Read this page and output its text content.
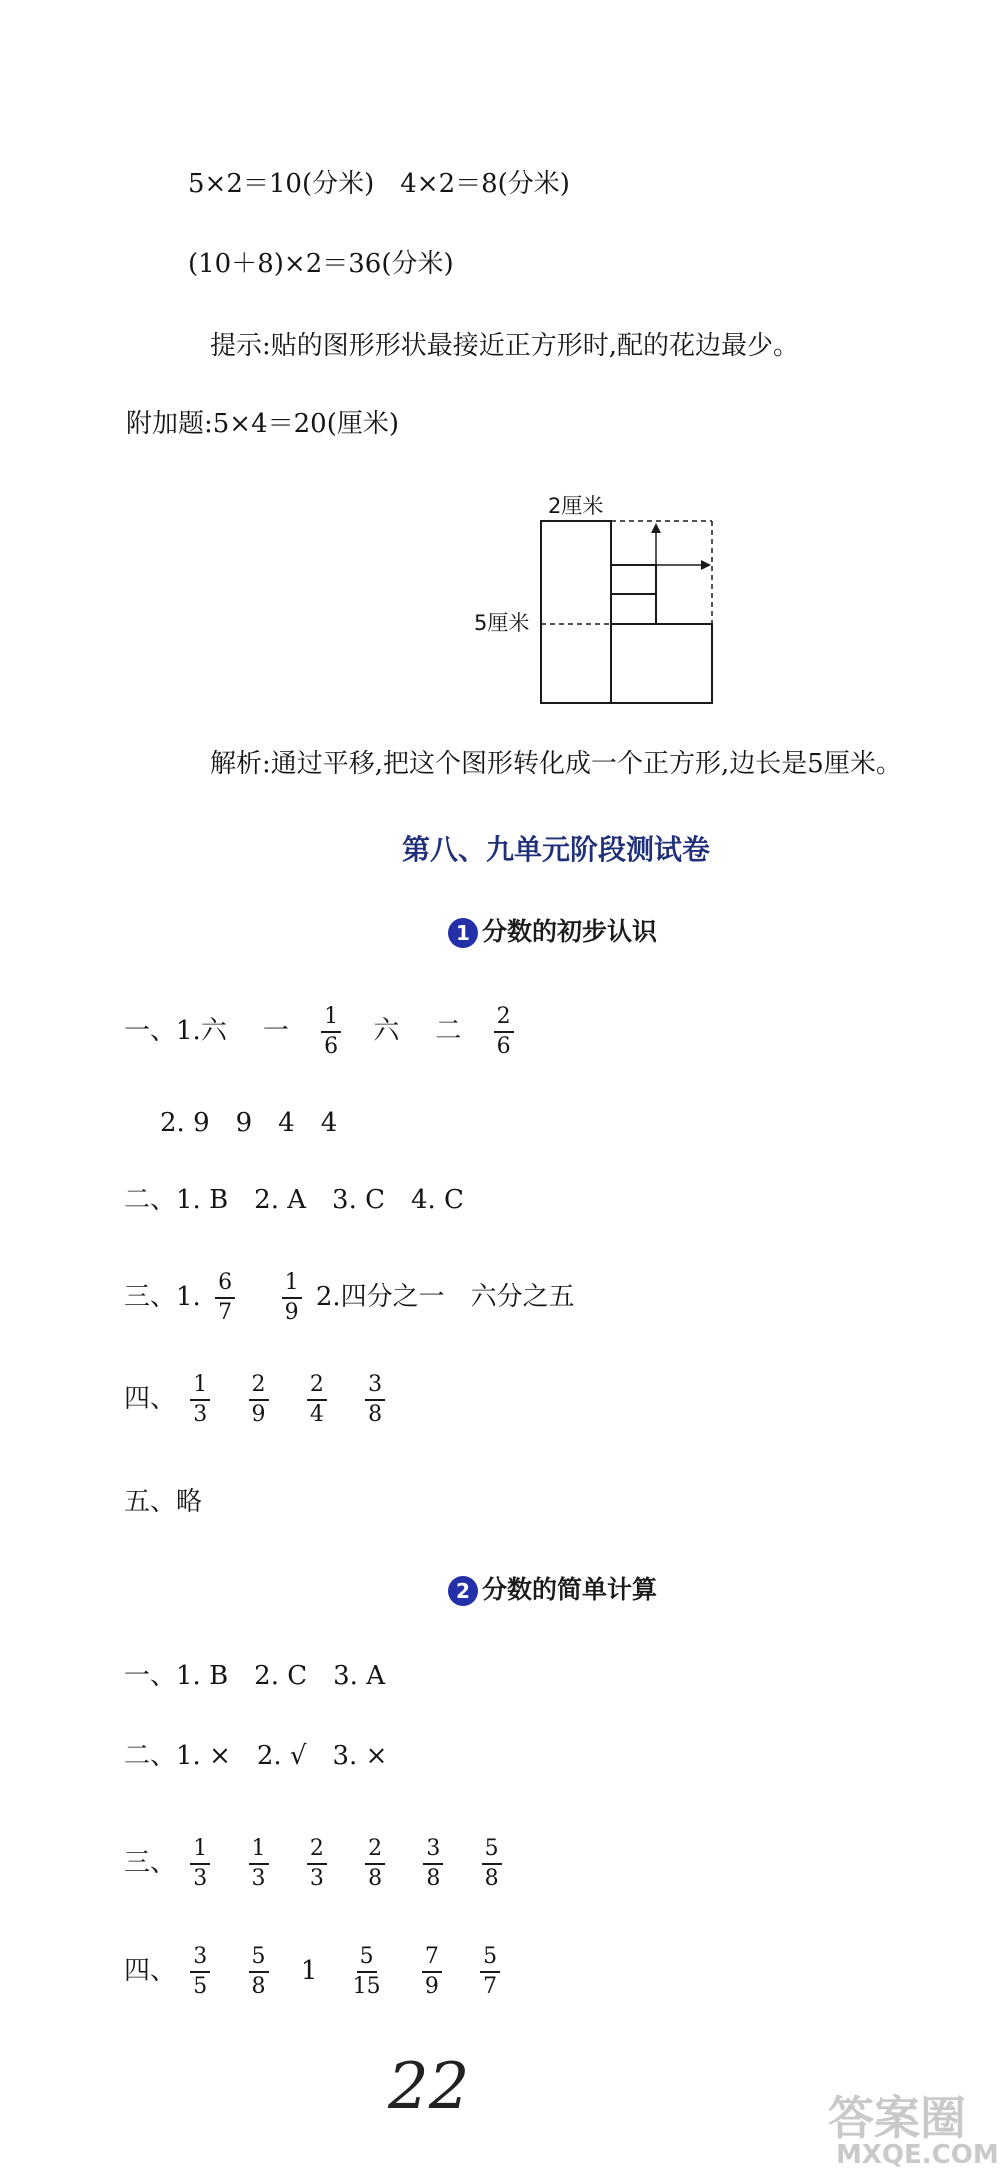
5×2＝10(分米)　4×2＝8(分米)
(10＋8)×2＝36(分米)
提示:贴的图形形状最接近正方形时,配的花边最少。
附加题:5×4＝20(厘米)
2厘米
5厘米
解析:通过平移,把这个图形转化成一个正方形,边长是5厘米。
第八、九单元阶段测试卷
1 分数的初步认识
一、1.六 一 $\frac{1}{6}$ 六 二 $\frac{2}{6}$
2. 9　9　4　4
二、1. B　2. A　3. C　4. C
三、1. $\frac{6}{7}$
$\frac{1}{9} 2$.四分之一　六分之五
四、 $\frac{1}{3}$
$\frac{2}{9}$
$\frac{2}{4}$
$\frac{3}{8}$
五、略
2 分数的简单计算
一、1. B　2. C　3. A
二、1. ×　2. √　3. ×
三、 $\frac{1}{3}$
$\frac{1}{3}$
$\frac{2}{3}$
$\frac{2}{8}$
$\frac{3}{8}$
$\frac{5}{8}$
四、 $\frac{3}{5}$
$\frac{5}{8} 1 \frac{5}{15}$
$\frac{7}{9}$
$\frac{5}{7}$
22	答案圈
MXQE.COM
